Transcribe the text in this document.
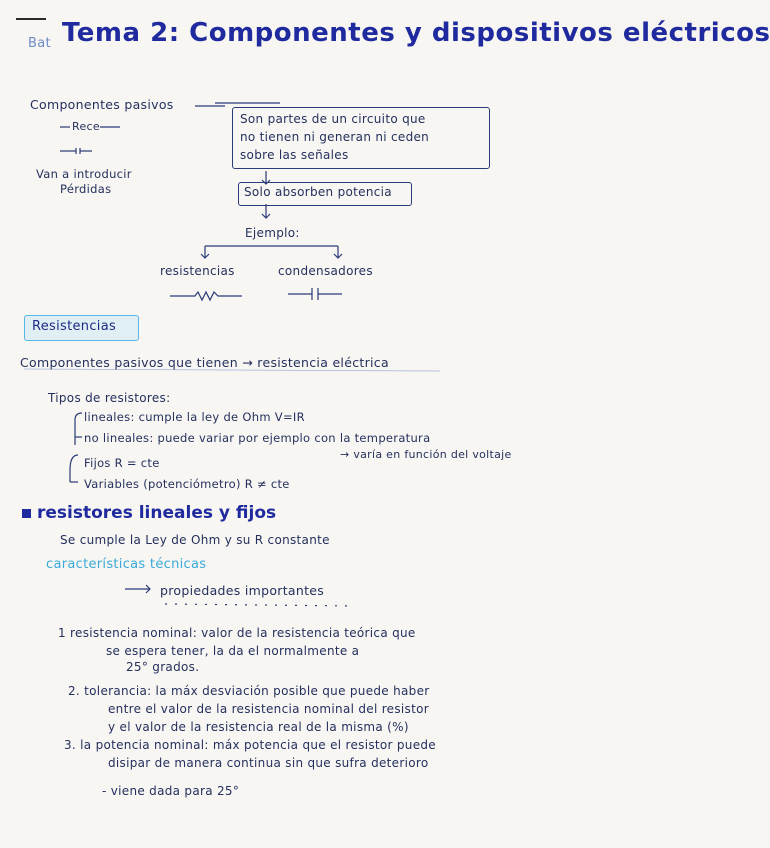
Bat Tema 2: Componentes y dispositivos eléctricos
Componentes pasivos
Rece
Van a introducir
Pérdidas
Son partes de un circuito que
no tienen ni generan ni ceden
sobre las señales
Solo absorben potencia
Ejemplo:
resistencias	condensadores
Resistencias
Componentes pasivos que tienen → resistencia eléctrica
Tipos de resistores:
lineales: cumple la ley de Ohm V=IR
no lineales: puede variar por ejemplo con la temperatura
→ varía en función del voltaje
Fijos R = cte
Variables (potenciómetro) R ≠ cte
resistores lineales y fijos
Se cumple la Ley de Ohm y su R constante
características técnicas
propiedades importantes
1 resistencia nominal: valor de la resistencia teórica que
se espera tener, la da el normalmente a
25° grados.
2. tolerancia: la máx desviación posible que puede haber
entre el valor de la resistencia nominal del resistor
y el valor de la resistencia real de la misma (%)
3. la potencia nominal: máx potencia que el resistor puede
disipar de manera continua sin que sufra deterioro
- viene dada para 25°
